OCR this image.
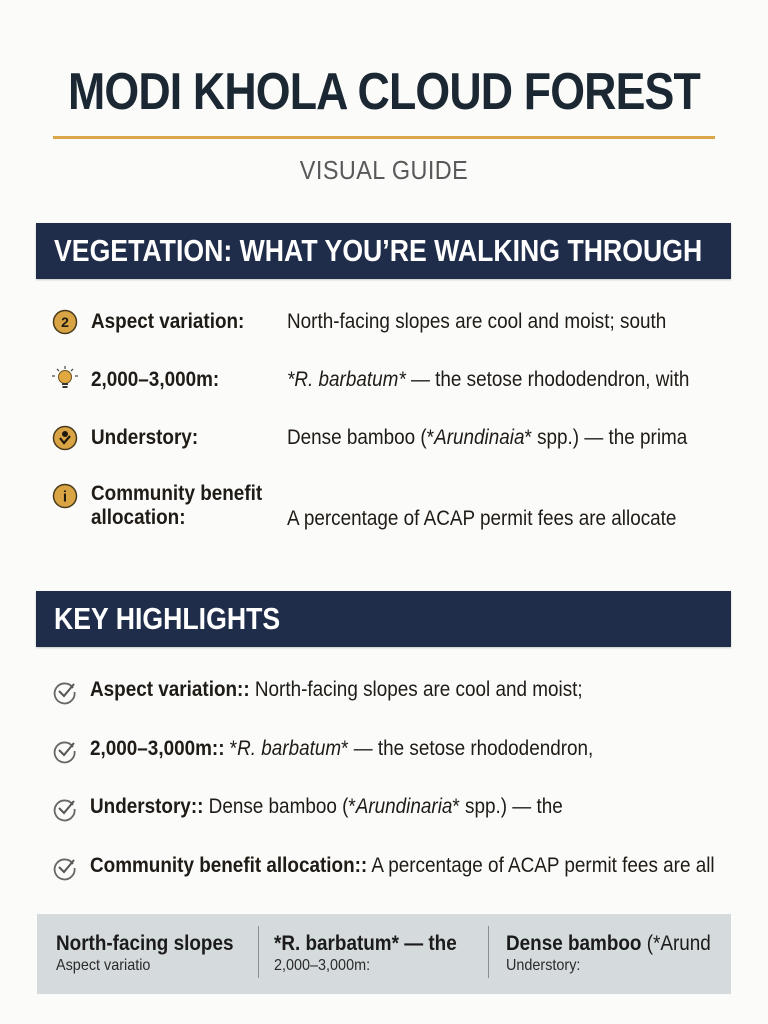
MODI KHOLA CLOUD FOREST
VISUAL GUIDE
VEGETATION: WHAT YOU’RE WALKING THROUGH
2 Aspect variation: North-facing slopes are cool and moist; south
2,000–3,000m:	*R. barbatum* — the setose rhododendron, with
Understory:	Dense bamboo (*Arundinaia* spp.) — the prima
i Community benefit
allocation:	A percentage of ACAP permit fees are allocate
KEY HIGHLIGHTS
Aspect variation:: North-facing slopes are cool and moist;
2,000–3,000m:: *R. barbatum* — the setose rhododendron,
Understory:: Dense bamboo (*Arundinaria* spp.) — the
Community benefit allocation:: A percentage of ACAP permit fees are all
North-facing slopes
Aspect variatio
*R. barbatum* — the
2,000–3,000m:
Dense bamboo (*Arund
Understory:
